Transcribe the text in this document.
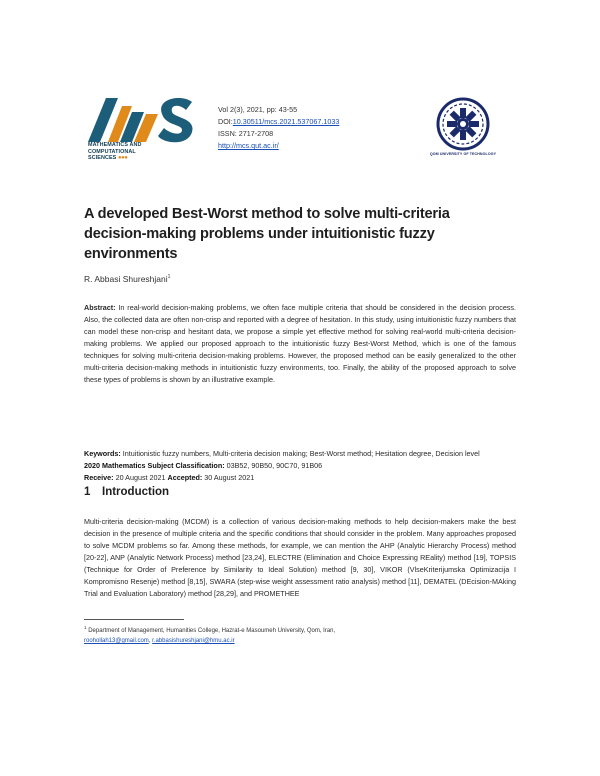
MATHEMATICS AND
COMPUTATIONAL
SCIENCES ●●●
Vol 2(3), 2021, pp: 43-55
DOI:10.30511/mcs.2021.537067.1033
ISSN: 2717-2708
http://mcs.qut.ac.ir/
QOM UNIVERSITY OF TECHNOLOGY
A developed Best-Worst method to solve multi-criteria decision-making problems under intuitionistic fuzzy environments
R. Abbasi Shureshjani$^1$
Abstract: In real-world decision-making problems, we often face multiple criteria that should be considered in the decision process. Also, the collected data are often non-crisp and reported with a degree of hesitation. In this study, using intuitionistic fuzzy numbers that can model these non-crisp and hesitant data, we propose a simple yet effective method for solving real-world multi-criteria decision-making problems. We applied our proposed approach to the intuitionistic fuzzy Best-Worst Method, which is one of the famous techniques for solving multi-criteria decision-making problems. However, the proposed method can be easily generalized to the other multi-criteria decision-making methods in intuitionistic fuzzy environments, too. Finally, the ability of the proposed approach to solve these types of problems is shown by an illustrative example.
Keywords: Intuitionistic fuzzy numbers, Multi-criteria decision making; Best-Worst method; Hesitation degree, Decision level
2020 Mathematics Subject Classification: 03B52, 90B50, 90C70, 91B06
Receive: 20 August 2021 Accepted: 30 August 2021
1 Introduction
Multi-criteria decision-making (MCDM) is a collection of various decision-making methods to help decision-makers make the best decision in the presence of multiple criteria and the specific conditions that should consider in the problem. Many approaches proposed to solve MCDM problems so far. Among these methods, for example, we can mention the AHP (Analytic Hierarchy Process) method [20-22], ANP (Analytic Network Process) method [23,24], ELECTRE (Elimination and Choice Expressing REality) method [19], TOPSIS (Technique for Order of Preference by Similarity to Ideal Solution) method [9, 30], VIKOR (VlseKriterijumska Optimizacija I Kompromisno Resenje) method [8,15], SWARA (step-wise weight assessment ratio analysis) method [11], DEMATEL (DEcision-MAking Trial and Evaluation Laboratory) method [28,29], and PROMETHEE
$^1$ Department of Management, Humanities College, Hazrat-e Masoumeh University, Qom, Iran,
roohollah13@gmail.com, r.abbasishureshjani@hmu.ac.ir
